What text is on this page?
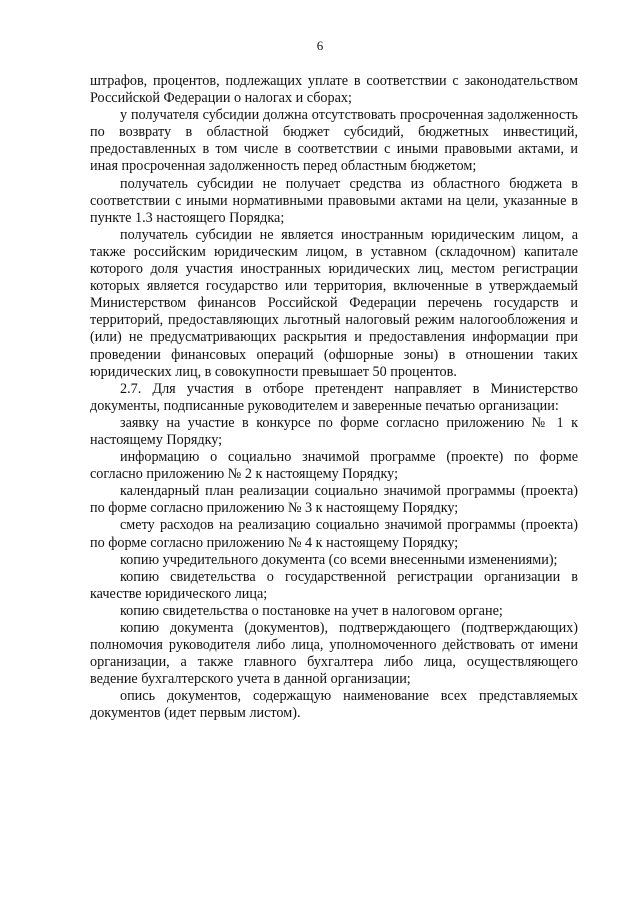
6

штрафов, процентов, подлежащих уплате в соответствии с законодательством Российской Федерации о налогах и сборах;

у получателя субсидии должна отсутствовать просроченная задолженность по возврату в областной бюджет субсидий, бюджетных инвестиций, предоставленных в том числе в соответствии с иными правовыми актами, и иная просроченная задолженность перед областным бюджетом;

получатель субсидии не получает средства из областного бюджета в соответствии с иными нормативными правовыми актами на цели, указанные в пункте 1.3 настоящего Порядка;

получатель субсидии не является иностранным юридическим лицом, а также российским юридическим лицом, в уставном (складочном) капитале которого доля участия иностранных юридических лиц, местом регистрации которых является государство или территория, включенные в утверждаемый Министерством финансов Российской Федерации перечень государств и территорий, предоставляющих льготный налоговый режим налогообложения и (или) не предусматривающих раскрытия и предоставления информации при проведении финансовых операций (офшорные зоны) в отношении таких юридических лиц, в совокупности превышает 50 процентов.

2.7. Для участия в отборе претендент направляет в Министерство документы, подписанные руководителем и заверенные печатью организации:

заявку на участие в конкурсе по форме согласно приложению № 1 к настоящему Порядку;

информацию о социально значимой программе (проекте) по форме согласно приложению № 2 к настоящему Порядку;

календарный план реализации социально значимой программы (проекта) по форме согласно приложению № 3 к настоящему Порядку;

смету расходов на реализацию социально значимой программы (проекта) по форме согласно приложению № 4 к настоящему Порядку;

копию учредительного документа (со всеми внесенными изменениями);

копию свидетельства о государственной регистрации организации в качестве юридического лица;

копию свидетельства о постановке на учет в налоговом органе;

копию документа (документов), подтверждающего (подтверждающих) полномочия руководителя либо лица, уполномоченного действовать от имени организации, а также главного бухгалтера либо лица, осуществляющего ведение бухгалтерского учета в данной организации;

опись документов, содержащую наименование всех представляемых документов (идет первым листом).
